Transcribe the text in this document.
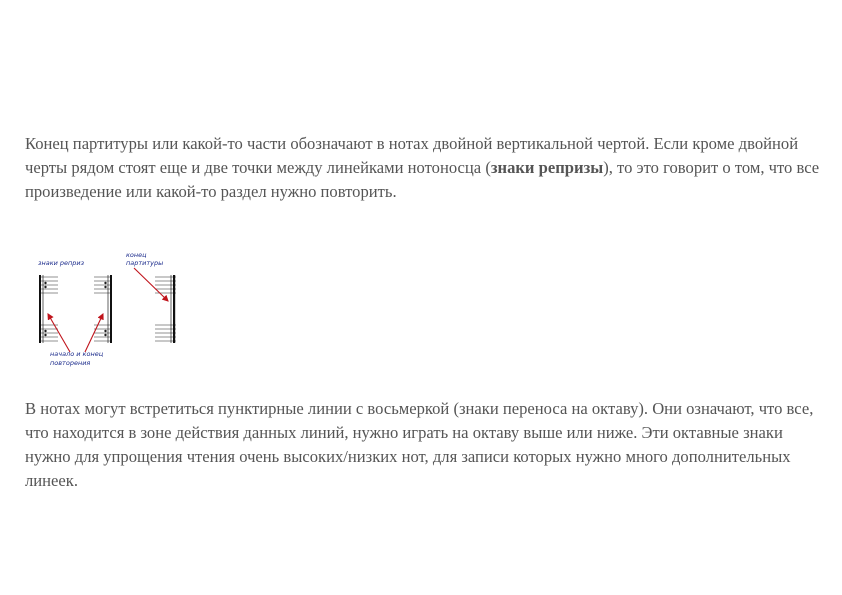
Конец партитуры или какой-то части обозначают в нотах двойной вертикальной чертой. Если кроме двойной черты рядом стоят еще и две точки между линейками нотоносца (знаки репризы), то это говорит о том, что все произведение или какой-то раздел нужно повторить.

знаки реприз
конец
партитуры
начало и конец
повторения

В нотах могут встретиться пунктирные линии с восьмеркой (знаки переноса на октаву). Они означают, что все, что находится в зоне действия данных линий, нужно играть на октаву выше или ниже. Эти октавные знаки нужно для упрощения чтения очень высоких/низких нот, для записи которых нужно много дополнительных линеек.
